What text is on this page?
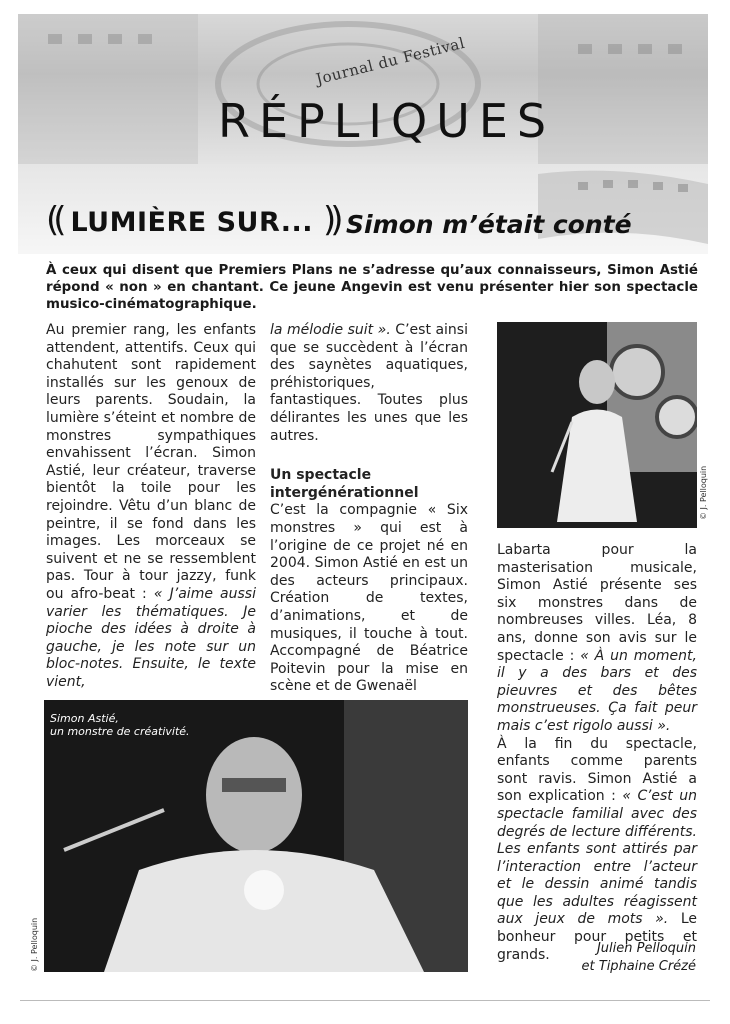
Journal du Festival
RÉPLIQUES
(( LUMIÈRE SUR... )) Simon m’était conté
À ceux qui disent que Premiers Plans ne s’adresse qu’aux connaisseurs, Simon Astié répond « non » en chantant. Ce jeune Angevin est venu présenter hier son spectacle musico-cinématographique.

Au premier rang, les enfants attendent, attentifs. Ceux qui chahutent sont rapidement installés sur les genoux de leurs parents. Soudain, la lumière s’éteint et nombre de monstres sympathiques envahissent l’écran. Simon Astié, leur créateur, traverse bientôt la toile pour les rejoindre. Vêtu d’un blanc de peintre, il se fond dans les images. Les morceaux se suivent et ne se ressemblent pas. Tour à tour jazzy, funk ou afro-beat : « J’aime aussi varier les thématiques. Je pioche des idées à droite à gauche, je les note sur un bloc-notes. Ensuite, le texte vient,

la mélodie suit ». C’est ainsi que se succèdent à l’écran des saynètes aquatiques, préhistoriques, fantastiques. Toutes plus délirantes les unes que les autres.

Un spectacle intergénérationnel

C’est la compagnie « Six monstres » qui est à l’origine de ce projet né en 2004. Simon Astié en est un des acteurs principaux. Création de textes, d’animations, et de musiques, il touche à tout. Accompagné de Béatrice Poitevin pour la mise en scène et de Gwenaël

© J. Pelloquin

Labarta pour la masterisation musicale, Simon Astié présente ses six monstres dans de nombreuses villes. Léa, 8 ans, donne son avis sur le spectacle : « À un moment, il y a des bars et des pieuvres et des bêtes monstrueuses. Ça fait peur mais c’est rigolo aussi ».

À la fin du spectacle, enfants comme parents sont ravis. Simon Astié a son explication : « C’est un spectacle familial avec des degrés de lecture différents. Les enfants sont attirés par l’interaction entre l’acteur et le dessin animé tandis que les adultes réagissent aux jeux de mots ». Le bonheur pour petits et grands.

Simon Astié,
un monstre de créativité.
© J. Pelloquin	Julien Pelloquin
et Tiphaine Crézé
